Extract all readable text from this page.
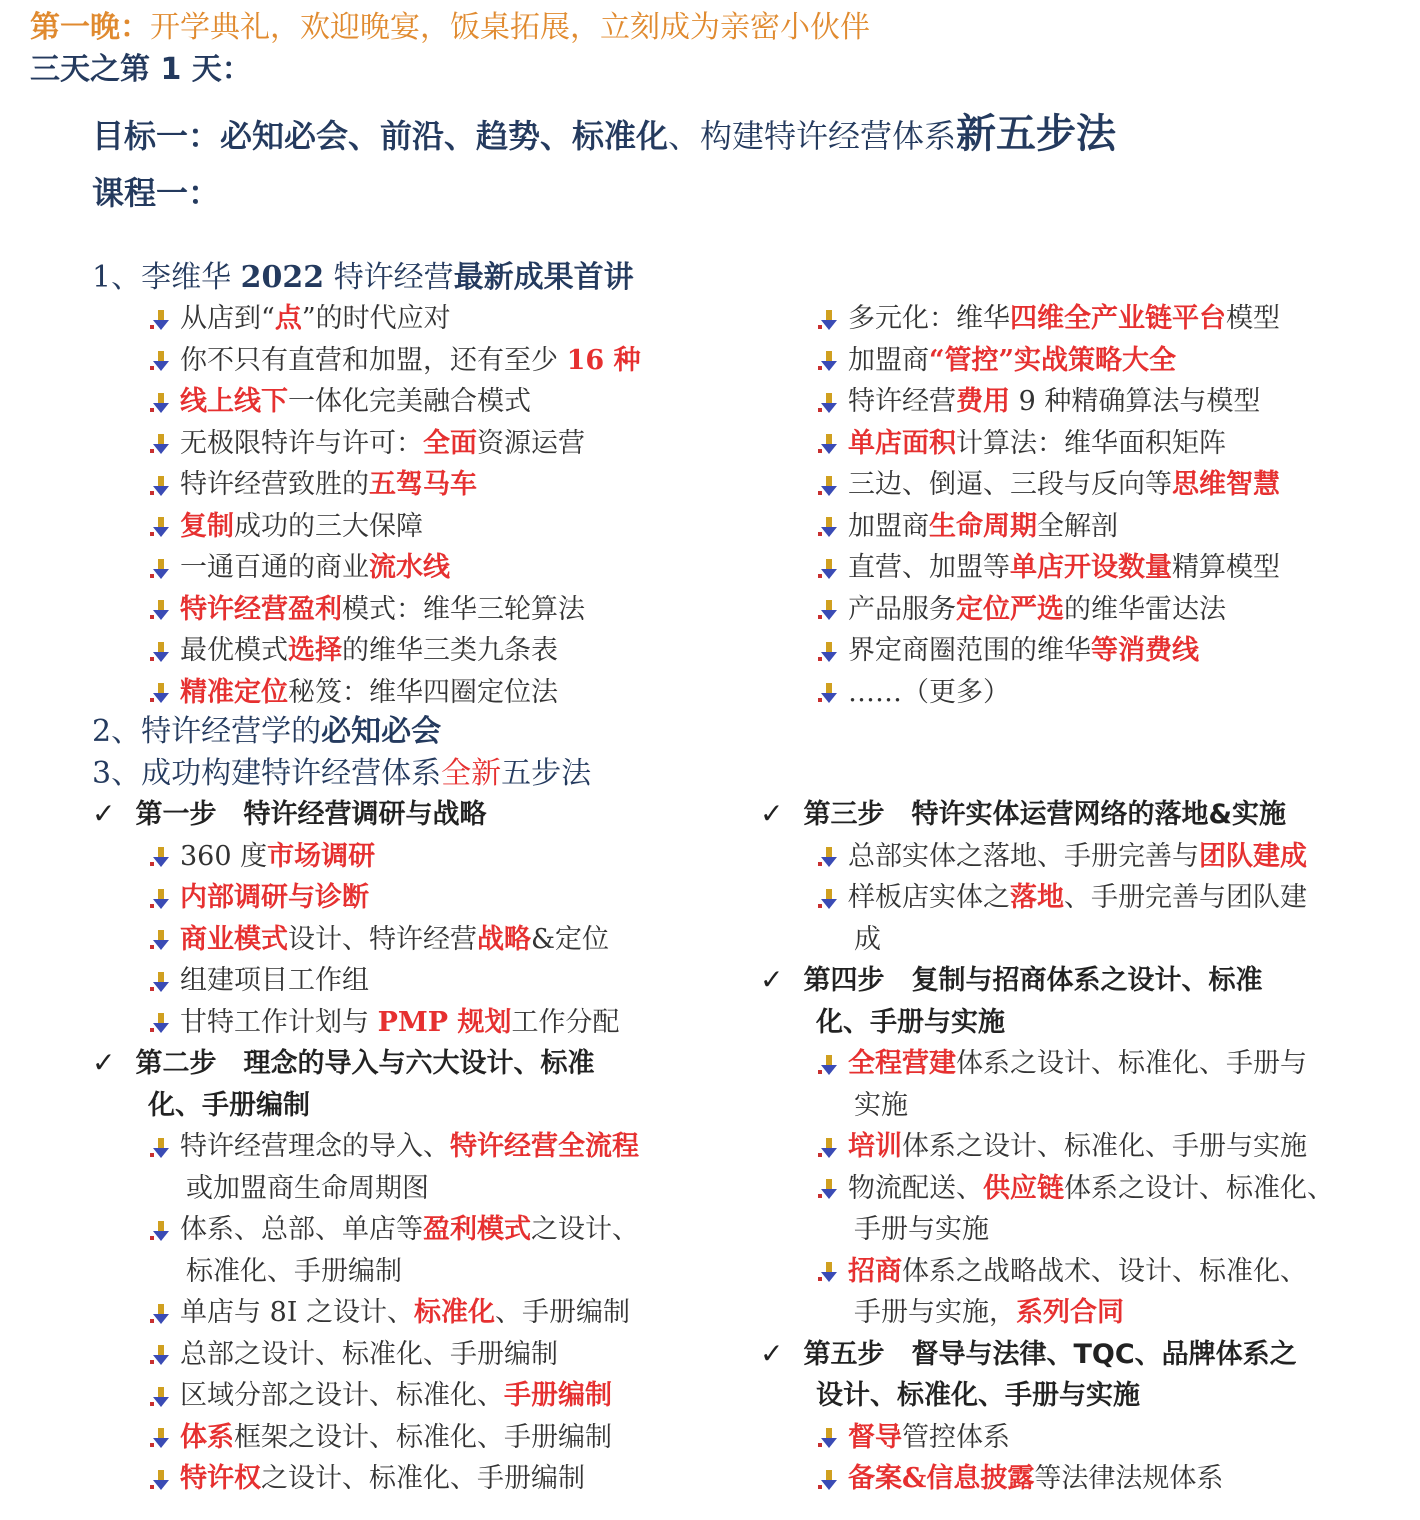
第一晚：开学典礼，欢迎晚宴，饭桌拓展，立刻成为亲密小伙伴
三天之第 1 天：
目标一：必知必会、前沿、趋势、标准化、构建特许经营体系新五步法
课程一：
1、李维华 2022 特许经营最新成果首讲
从店到“点”的时代应对
你不只有直营和加盟，还有至少 16 种
线上线下一体化完美融合模式
无极限特许与许可：全面资源运营
特许经营致胜的五驾马车
复制成功的三大保障
一通百通的商业流水线
特许经营盈利模式：维华三轮算法
最优模式选择的维华三类九条表
精准定位秘笈：维华四圈定位法
多元化：维华四维全产业链平台模型
加盟商“管控”实战策略大全
特许经营费用 9 种精确算法与模型
单店面积计算法：维华面积矩阵
三边、倒逼、三段与反向等思维智慧
加盟商生命周期全解剖
直营、加盟等单店开设数量精算模型
产品服务定位严选的维华雷达法
界定商圈范围的维华等消费线
……（更多）
2、特许经营学的必知必会
3、成功构建特许经营体系全新五步法
✓ 第一步　特许经营调研与战略
360 度市场调研
内部调研与诊断
商业模式设计、特许经营战略&定位
组建项目工作组
甘特工作计划与 PMP 规划工作分配
✓ 第二步　理念的导入与六大设计、标准
化、手册编制
特许经营理念的导入、特许经营全流程
或加盟商生命周期图
体系、总部、单店等盈利模式之设计、
标准化、手册编制
单店与 8I 之设计、标准化、手册编制
总部之设计、标准化、手册编制
区域分部之设计、标准化、手册编制
体系框架之设计、标准化、手册编制
特许权之设计、标准化、手册编制
✓ 第三步　特许实体运营网络的落地&实施
总部实体之落地、手册完善与团队建成
样板店实体之落地、手册完善与团队建
成
✓ 第四步　复制与招商体系之设计、标准
化、手册与实施
全程营建体系之设计、标准化、手册与
实施
培训体系之设计、标准化、手册与实施
物流配送、供应链体系之设计、标准化、
手册与实施
招商体系之战略战术、设计、标准化、
手册与实施，系列合同
✓ 第五步　督导与法律、TQC、品牌体系之
设计、标准化、手册与实施
督导管控体系
备案&信息披露等法律法规体系
